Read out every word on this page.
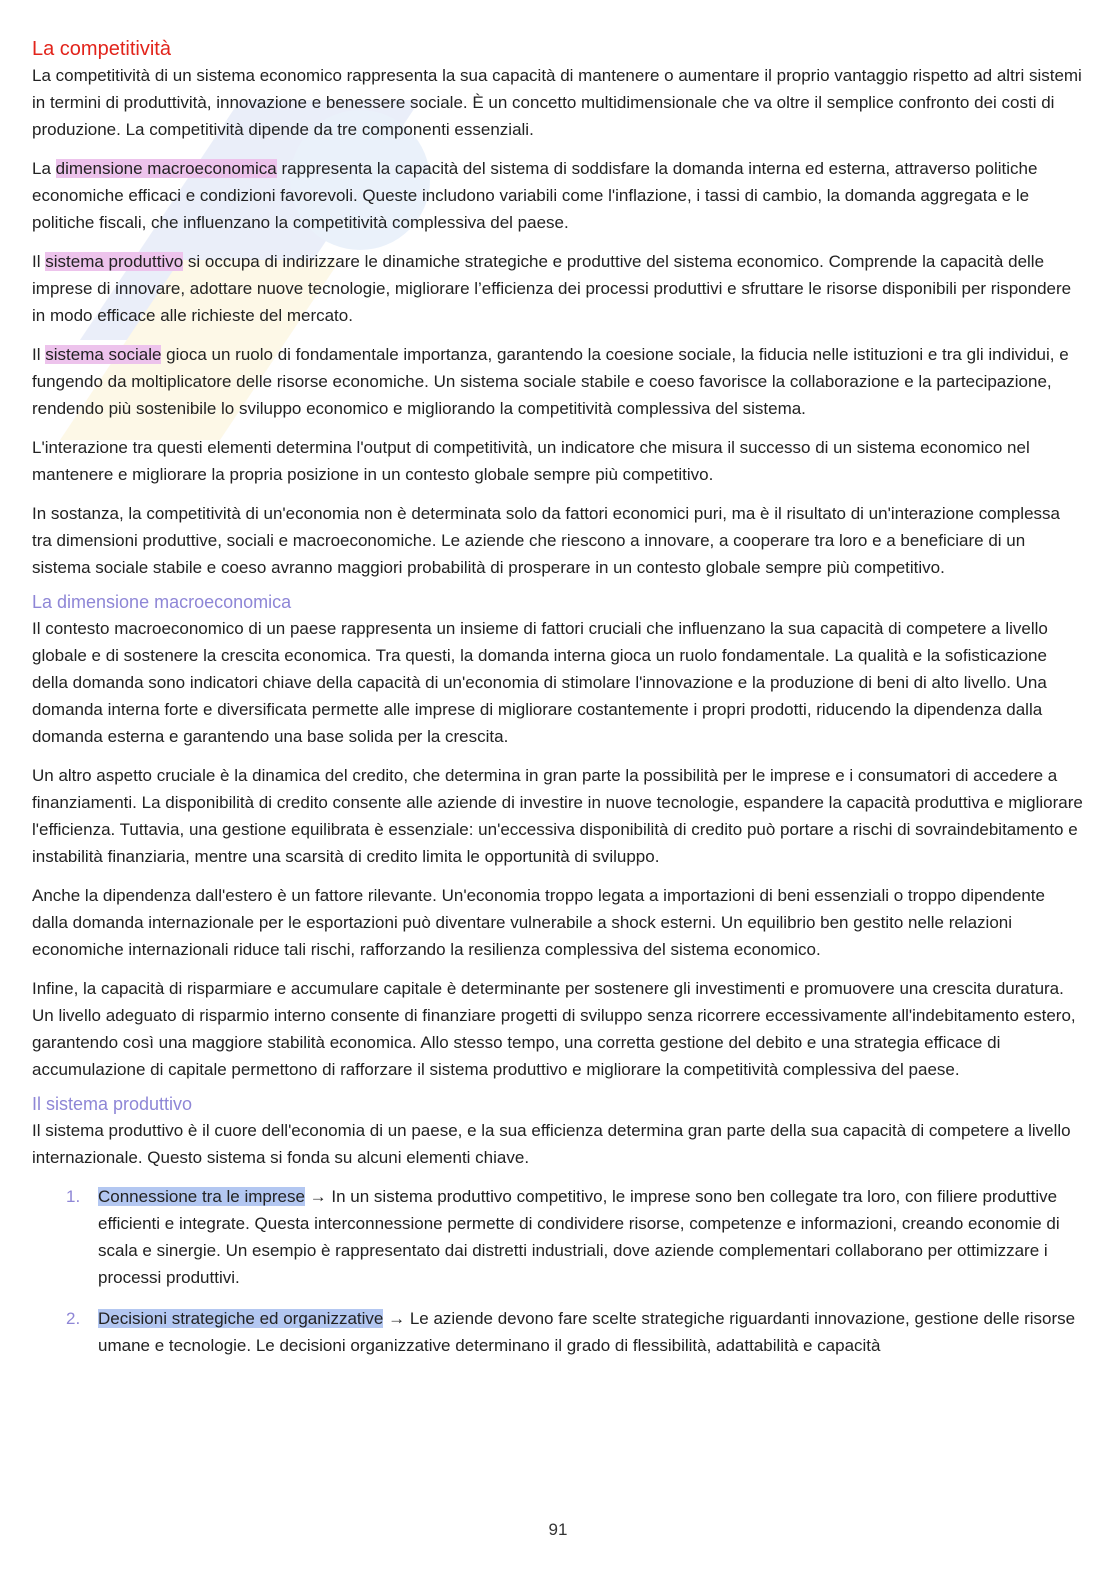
La competitività

La competitività di un sistema economico rappresenta la sua capacità di mantenere o aumentare il proprio vantaggio rispetto ad altri sistemi in termini di produttività, innovazione e benessere sociale. È un concetto multidimensionale che va oltre il semplice confronto dei costi di produzione. La competitività dipende da tre componenti essenziali.

La dimensione macroeconomica rappresenta la capacità del sistema di soddisfare la domanda interna ed esterna, attraverso politiche economiche efficaci e condizioni favorevoli. Queste includono variabili come l'inflazione, i tassi di cambio, la domanda aggregata e le politiche fiscali, che influenzano la competitività complessiva del paese.

Il sistema produttivo si occupa di indirizzare le dinamiche strategiche e produttive del sistema economico. Comprende la capacità delle imprese di innovare, adottare nuove tecnologie, migliorare l’efficienza dei processi produttivi e sfruttare le risorse disponibili per rispondere in modo efficace alle richieste del mercato.

Il sistema sociale gioca un ruolo di fondamentale importanza, garantendo la coesione sociale, la fiducia nelle istituzioni e tra gli individui, e fungendo da moltiplicatore delle risorse economiche. Un sistema sociale stabile e coeso favorisce la collaborazione e la partecipazione, rendendo più sostenibile lo sviluppo economico e migliorando la competitività complessiva del sistema.

L'interazione tra questi elementi determina l'output di competitività, un indicatore che misura il successo di un sistema economico nel mantenere e migliorare la propria posizione in un contesto globale sempre più competitivo.

In sostanza, la competitività di un'economia non è determinata solo da fattori economici puri, ma è il risultato di un'interazione complessa tra dimensioni produttive, sociali e macroeconomiche. Le aziende che riescono a innovare, a cooperare tra loro e a beneficiare di un sistema sociale stabile e coeso avranno maggiori probabilità di prosperare in un contesto globale sempre più competitivo.

La dimensione macroeconomica

Il contesto macroeconomico di un paese rappresenta un insieme di fattori cruciali che influenzano la sua capacità di competere a livello globale e di sostenere la crescita economica. Tra questi, la domanda interna gioca un ruolo fondamentale. La qualità e la sofisticazione della domanda sono indicatori chiave della capacità di un'economia di stimolare l'innovazione e la produzione di beni di alto livello. Una domanda interna forte e diversificata permette alle imprese di migliorare costantemente i propri prodotti, riducendo la dipendenza dalla domanda esterna e garantendo una base solida per la crescita.

Un altro aspetto cruciale è la dinamica del credito, che determina in gran parte la possibilità per le imprese e i consumatori di accedere a finanziamenti. La disponibilità di credito consente alle aziende di investire in nuove tecnologie, espandere la capacità produttiva e migliorare l'efficienza. Tuttavia, una gestione equilibrata è essenziale: un'eccessiva disponibilità di credito può portare a rischi di sovraindebitamento e instabilità finanziaria, mentre una scarsità di credito limita le opportunità di sviluppo.

Anche la dipendenza dall'estero è un fattore rilevante. Un'economia troppo legata a importazioni di beni essenziali o troppo dipendente dalla domanda internazionale per le esportazioni può diventare vulnerabile a shock esterni. Un equilibrio ben gestito nelle relazioni economiche internazionali riduce tali rischi, rafforzando la resilienza complessiva del sistema economico.

Infine, la capacità di risparmiare e accumulare capitale è determinante per sostenere gli investimenti e promuovere una crescita duratura. Un livello adeguato di risparmio interno consente di finanziare progetti di sviluppo senza ricorrere eccessivamente all'indebitamento estero, garantendo così una maggiore stabilità economica. Allo stesso tempo, una corretta gestione del debito e una strategia efficace di accumulazione di capitale permettono di rafforzare il sistema produttivo e migliorare la competitività complessiva del paese.

Il sistema produttivo

Il sistema produttivo è il cuore dell'economia di un paese, e la sua efficienza determina gran parte della sua capacità di competere a livello internazionale. Questo sistema si fonda su alcuni elementi chiave.

1. Connessione tra le imprese → In un sistema produttivo competitivo, le imprese sono ben collegate tra loro, con filiere produttive efficienti e integrate. Questa interconnessione permette di condividere risorse, competenze e informazioni, creando economie di scala e sinergie. Un esempio è rappresentato dai distretti industriali, dove aziende complementari collaborano per ottimizzare i processi produttivi.
2. Decisioni strategiche ed organizzative → Le aziende devono fare scelte strategiche riguardanti innovazione, gestione delle risorse umane e tecnologie. Le decisioni organizzative determinano il grado di flessibilità, adattabilità e capacità
91
